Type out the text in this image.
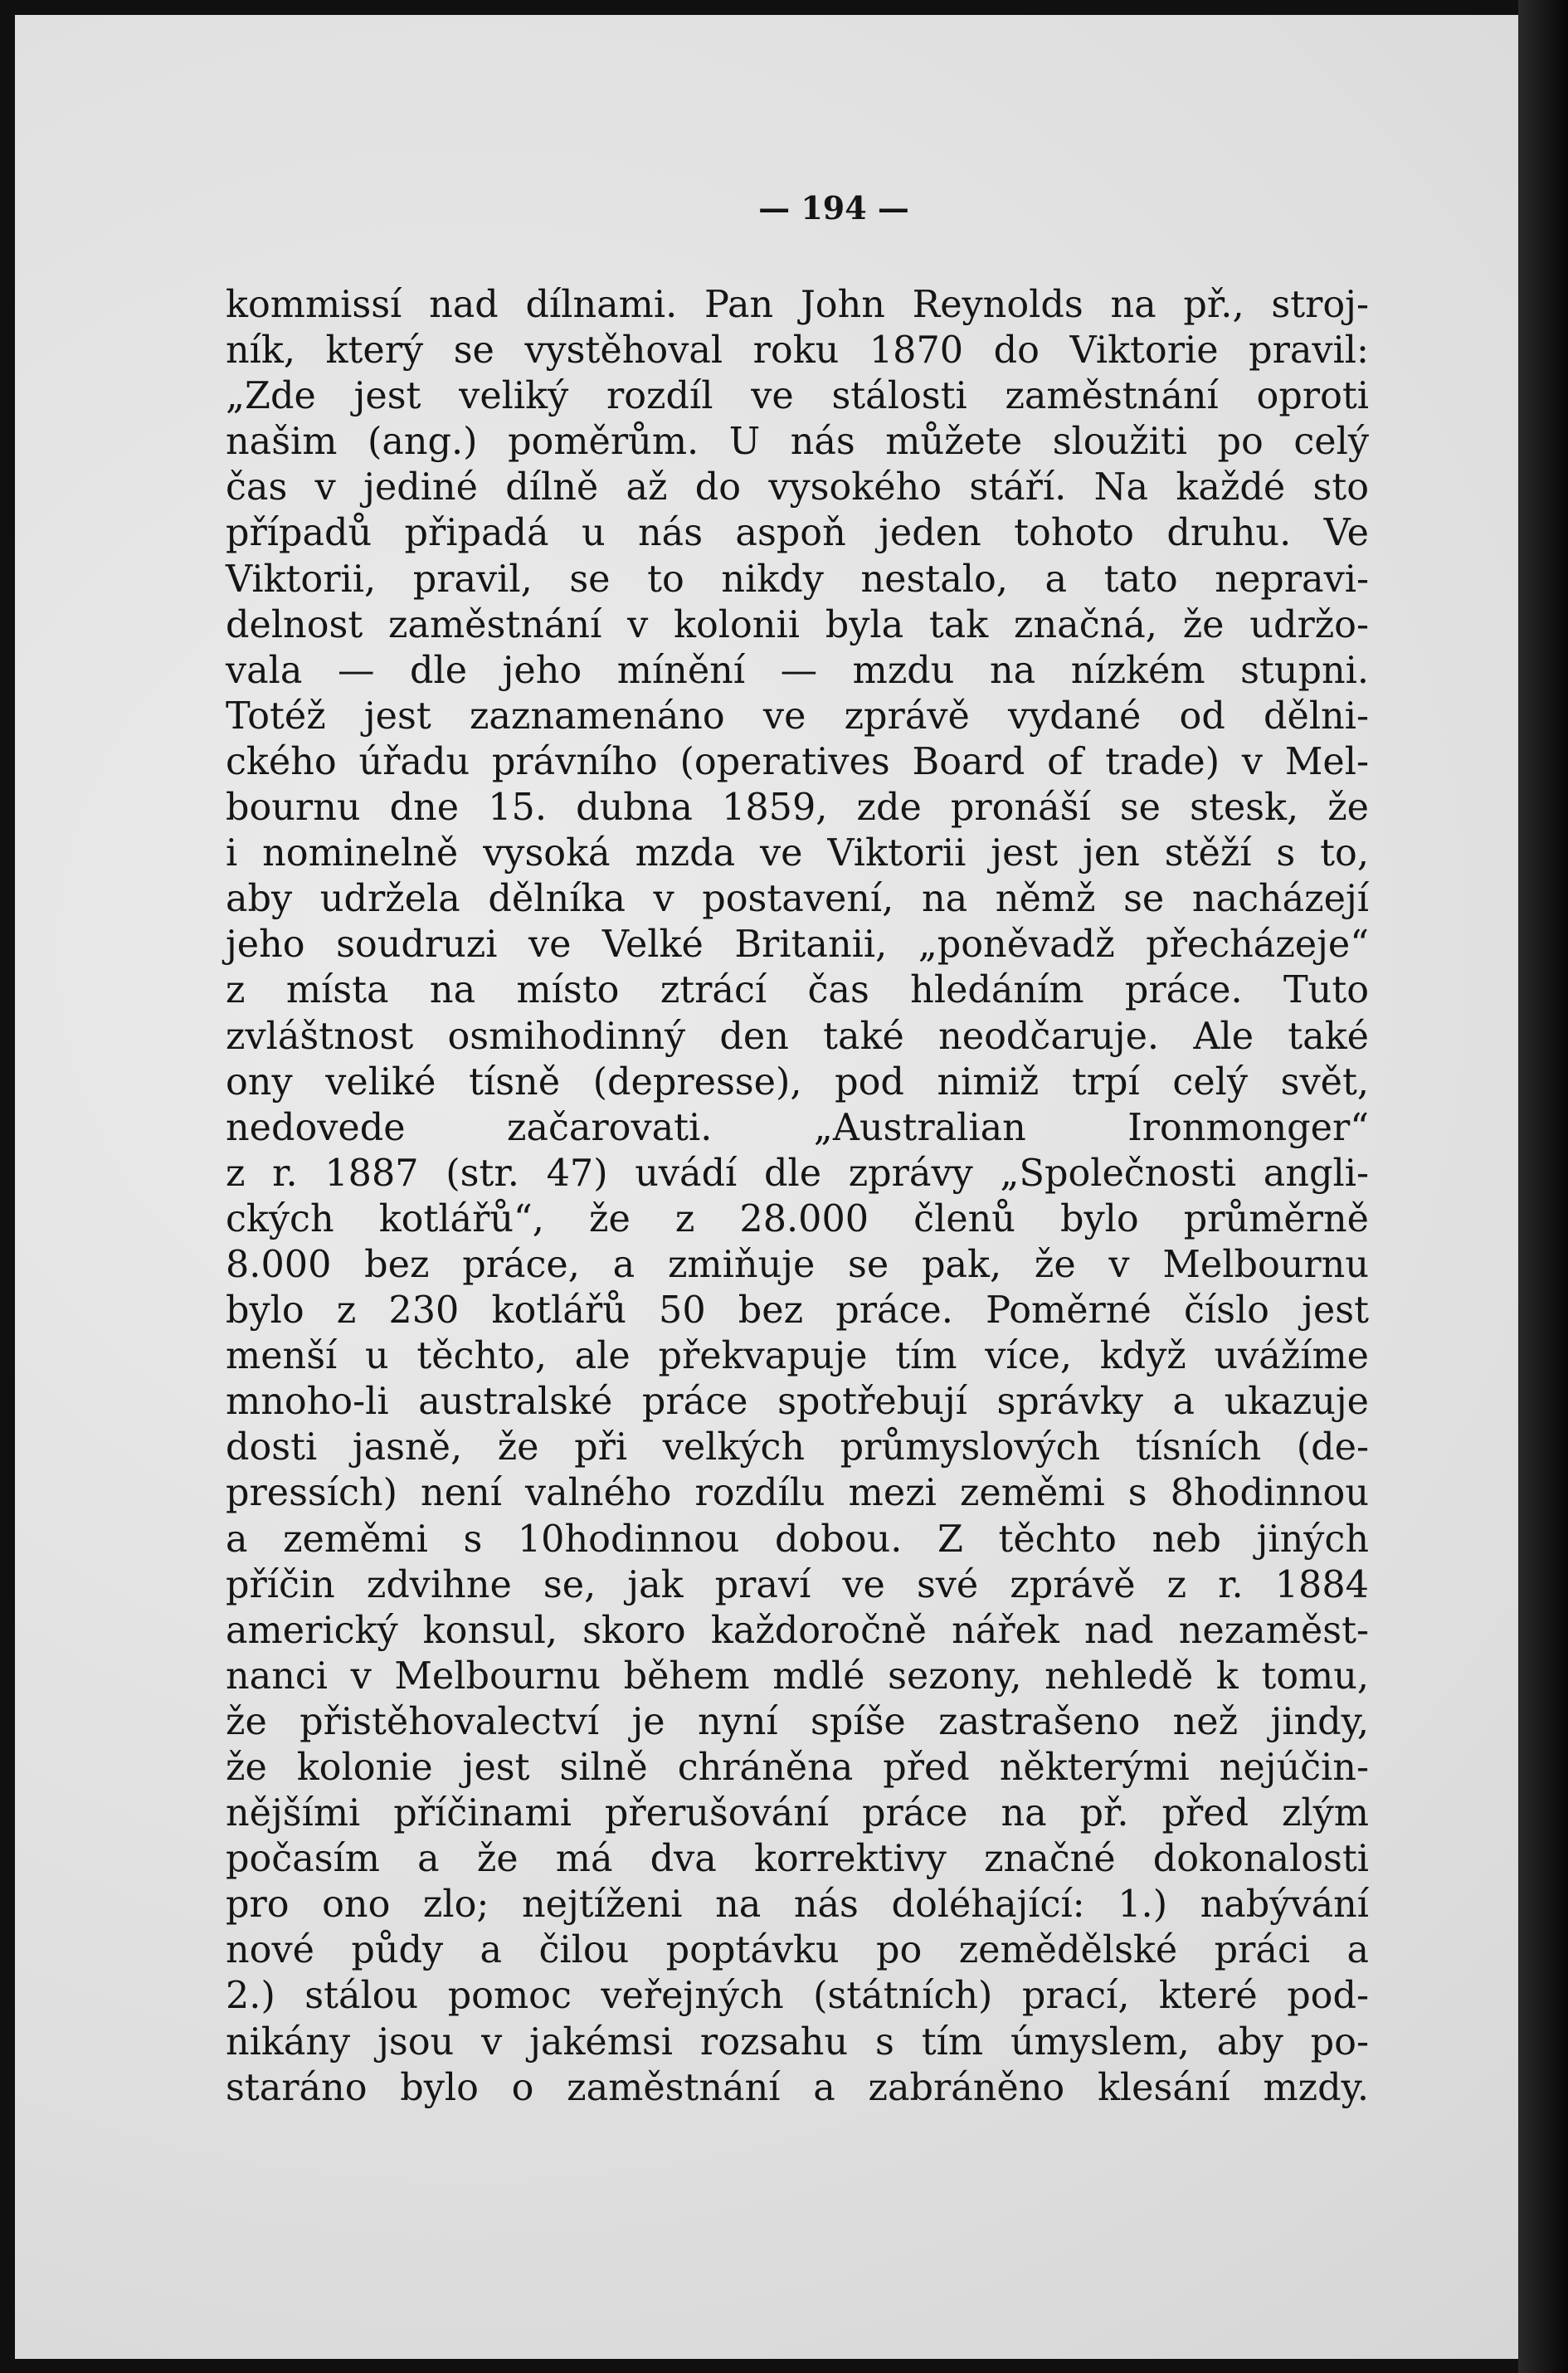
— 194 —
kommissí nad dílnami. Pan John Reynolds na př., stroj-
ník, který se vystěhoval roku 1870 do Viktorie pravil:
„Zde jest veliký rozdíl ve stálosti zaměstnání oproti
našim (ang.) poměrům. U nás můžete sloužiti po celý
čas v jediné dílně až do vysokého stáří. Na každé sto
případů připadá u nás aspoň jeden tohoto druhu. Ve
Viktorii, pravil, se to nikdy nestalo, a tato nepravi-
delnost zaměstnání v kolonii byla tak značná, že udržo-
vala — dle jeho mínění — mzdu na nízkém stupni.
Totéž jest zaznamenáno ve zprávě vydané od dělni-
ckého úřadu právního (operatives Board of trade) v Mel-
bournu dne 15. dubna 1859, zde pronáší se stesk, že
i nominelně vysoká mzda ve Viktorii jest jen stěží s to,
aby udržela dělníka v postavení, na němž se nacházejí
jeho soudruzi ve Velké Britanii, „poněvadž přecházeje“
z místa na místo ztrácí čas hledáním práce. Tuto
zvláštnost osmihodinný den také neodčaruje. Ale také
ony veliké tísně (depresse), pod nimiž trpí celý svět,
nedovede začarovati. „Australian Ironmonger“
z r. 1887 (str. 47) uvádí dle zprávy „Společnosti angli-
ckých kotlářů“, že z 28.000 členů bylo průměrně
8.000 bez práce, a zmiňuje se pak, že v Melbournu
bylo z 230 kotlářů 50 bez práce. Poměrné číslo jest
menší u těchto, ale překvapuje tím více, když uvážíme
mnoho-li australské práce spotřebují správky a ukazuje
dosti jasně, že při velkých průmyslových tísních (de-
pressích) není valného rozdílu mezi zeměmi s 8hodinnou
a zeměmi s 10hodinnou dobou. Z těchto neb jiných
příčin zdvihne se, jak praví ve své zprávě z r. 1884
americký konsul, skoro každoročně nářek nad nezaměst-
nanci v Melbournu během mdlé sezony, nehledě k tomu,
že přistěhovalectví je nyní spíše zastrašeno než jindy,
že kolonie jest silně chráněna před některými nejúčin-
nějšími příčinami přerušování práce na př. před zlým
počasím a že má dva korrektivy značné dokonalosti
pro ono zlo; nejtíženi na nás doléhající: 1.) nabývání
nové půdy a čilou poptávku po zemědělské práci a
2.) stálou pomoc veřejných (státních) prací, které pod-
nikány jsou v jakémsi rozsahu s tím úmyslem, aby po-
staráno bylo o zaměstnání a zabráněno klesání mzdy.
